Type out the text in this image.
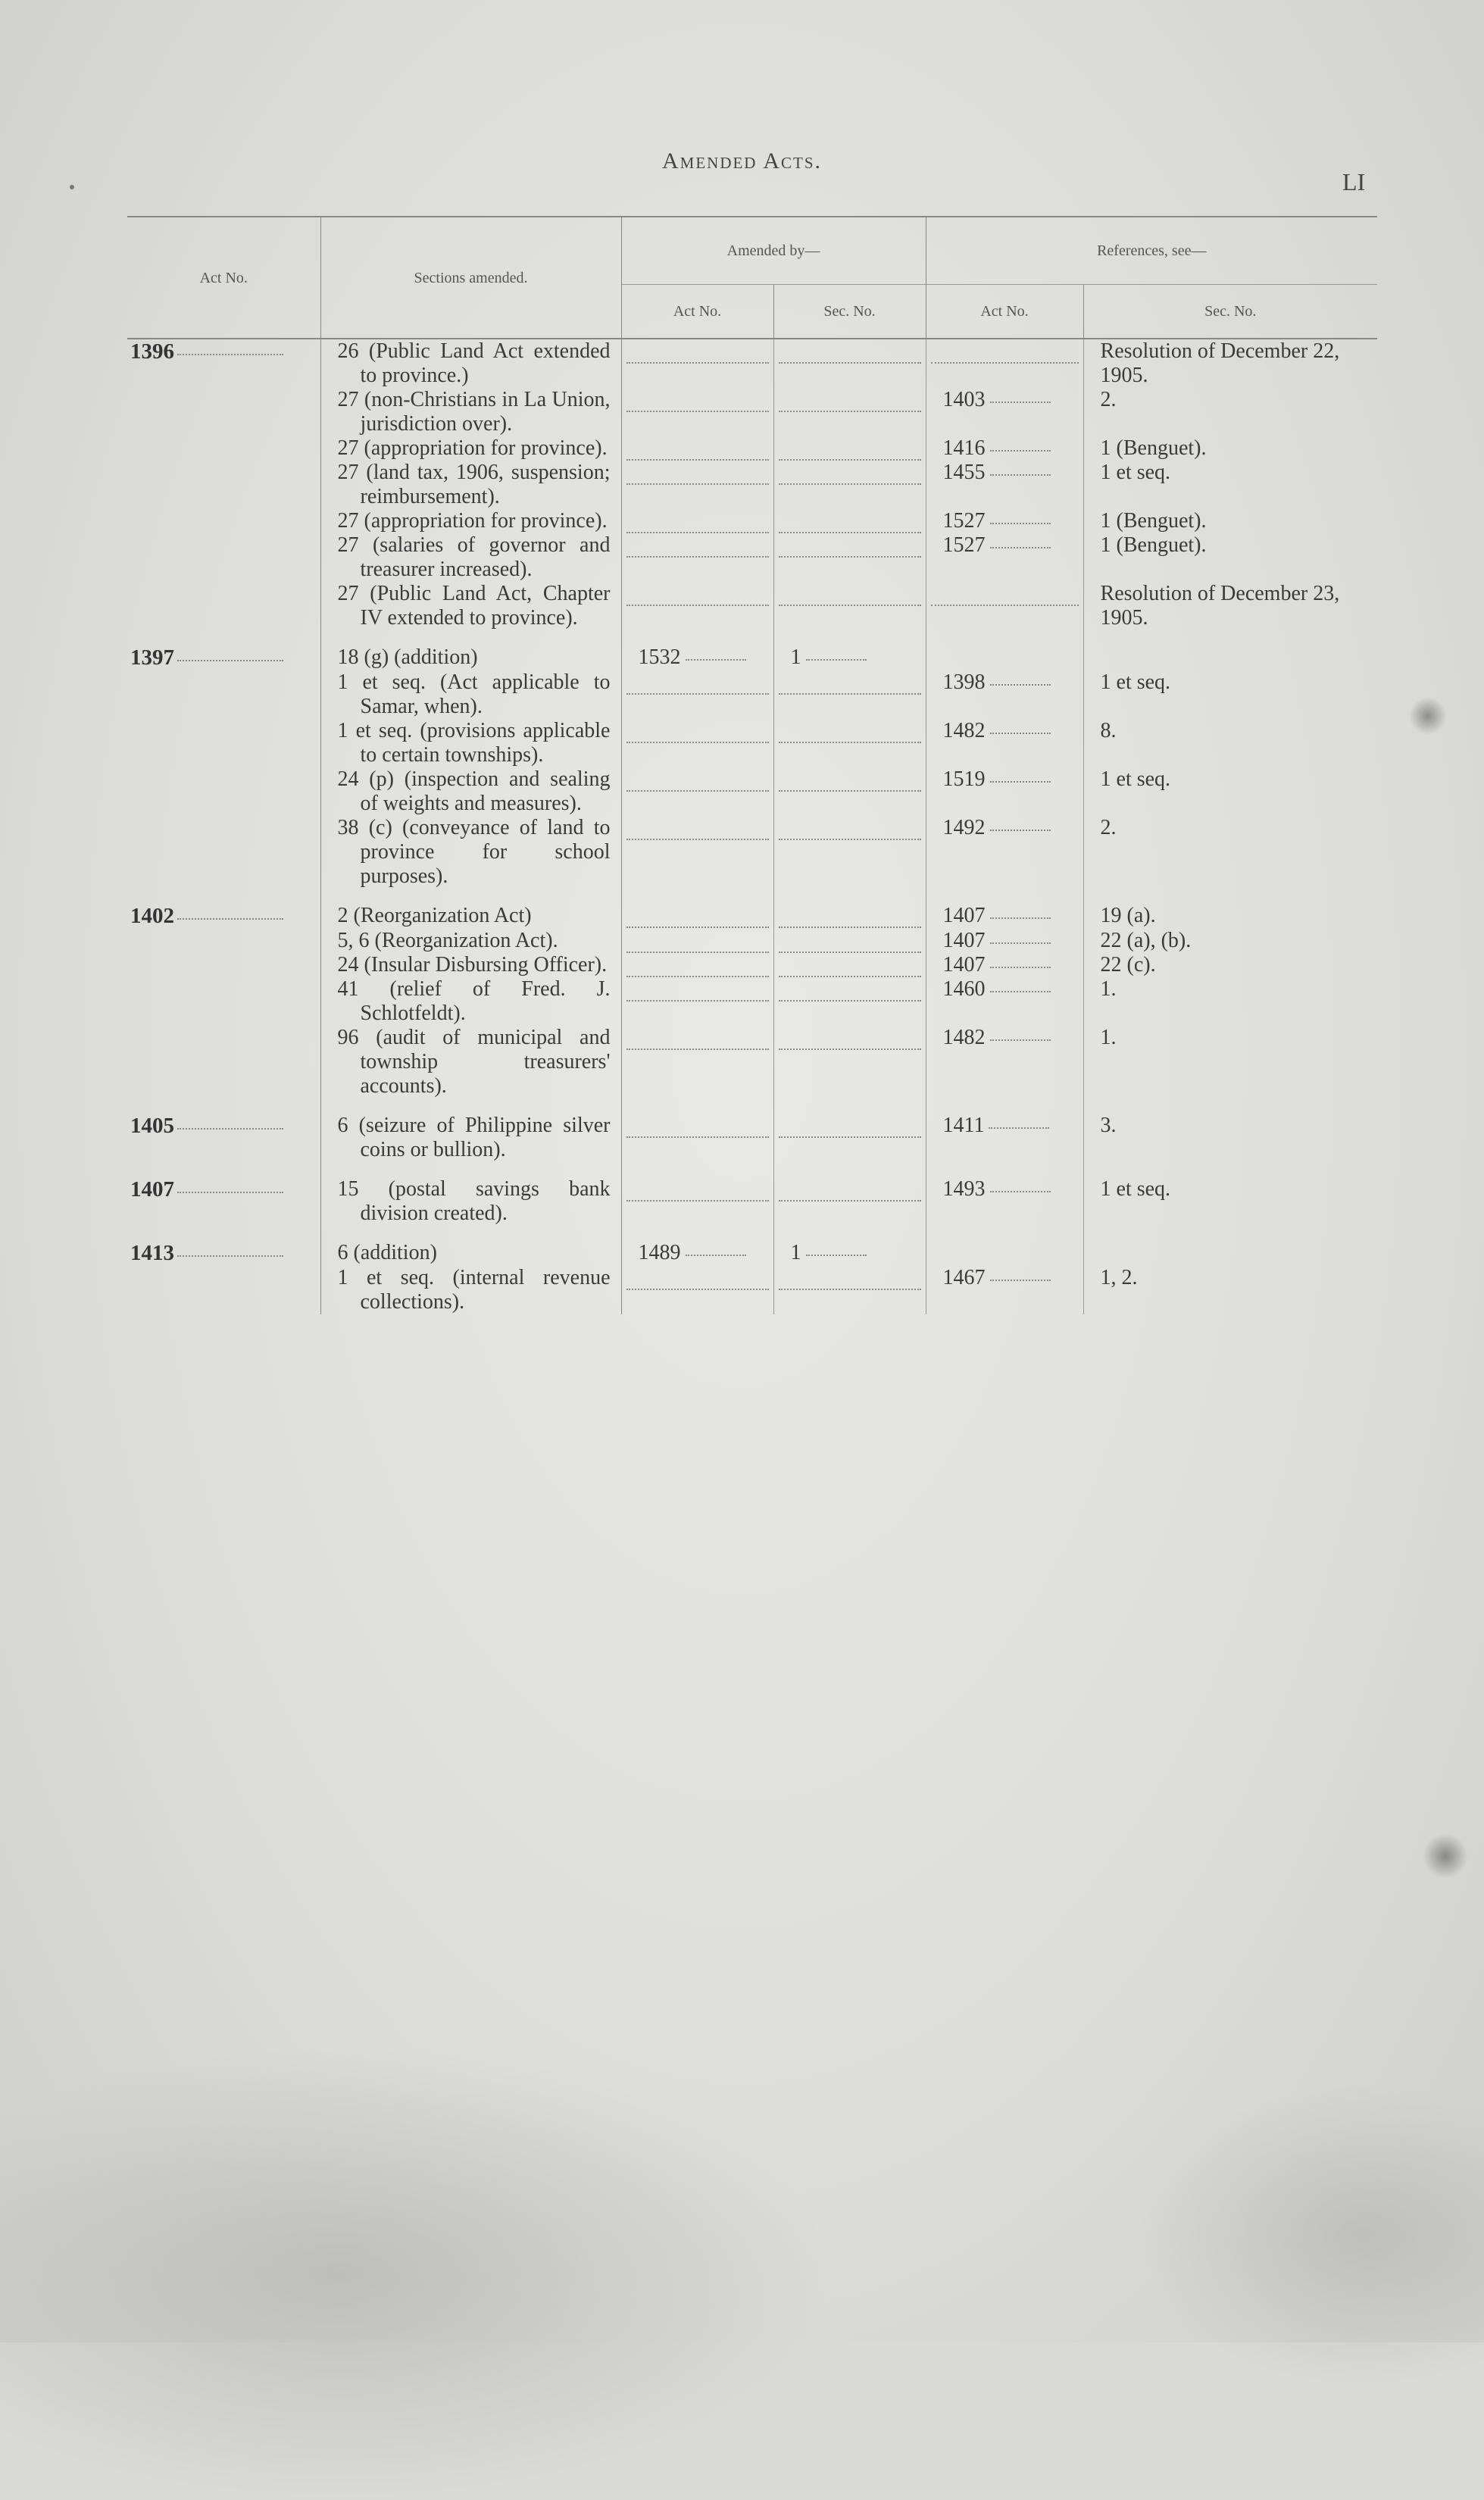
Amended Acts.
LI
Act No.	Sections amended.	Amended by—		References, see—	
		Act No.	Sec. No.	Act No.	Sec. No.
1396	26 (Public Land Act extended to province.)				Resolution of December 22, 1905.

	27 (non-Christians in La Union, jurisdiction over).			1403	2.

	27 (appropriation for province).			1416	1 (Benguet).

	27 (land tax, 1906, suspension; reimbursement).			1455	1 et seq.

	27 (appropriation for province).			1527	1 (Benguet).

	27 (salaries of governor and treasurer increased).			1527	1 (Benguet).

	27 (Public Land Act, Chapter IV extended to province).				Resolution of December 23, 1905.

1397	18 (g) (addition)	1532	1		

	1 et seq. (Act applicable to Samar, when).			1398	1 et seq.

	1 et seq. (provisions applicable to certain townships).			1482	8.

	24 (p) (inspection and sealing of weights and measures).			1519	1 et seq.

	38 (c) (conveyance of land to province for school purposes).			1492	2.

1402	2 (Reorganization Act)			1407	19 (a).

	5, 6 (Reorganization Act).			1407	22 (a), (b).

	24 (Insular Disbursing Officer).			1407	22 (c).

	41 (relief of Fred. J. Schlotfeldt).			1460	1.

	96 (audit of municipal and township treasurers' accounts).			1482	1.

1405	6 (seizure of Philippine silver coins or bullion).			1411	3.

1407	15 (postal savings bank division created).			1493	1 et seq.

1413	6 (addition)	1489	1		

	1 et seq. (internal revenue collections).			1467	1, 2.
